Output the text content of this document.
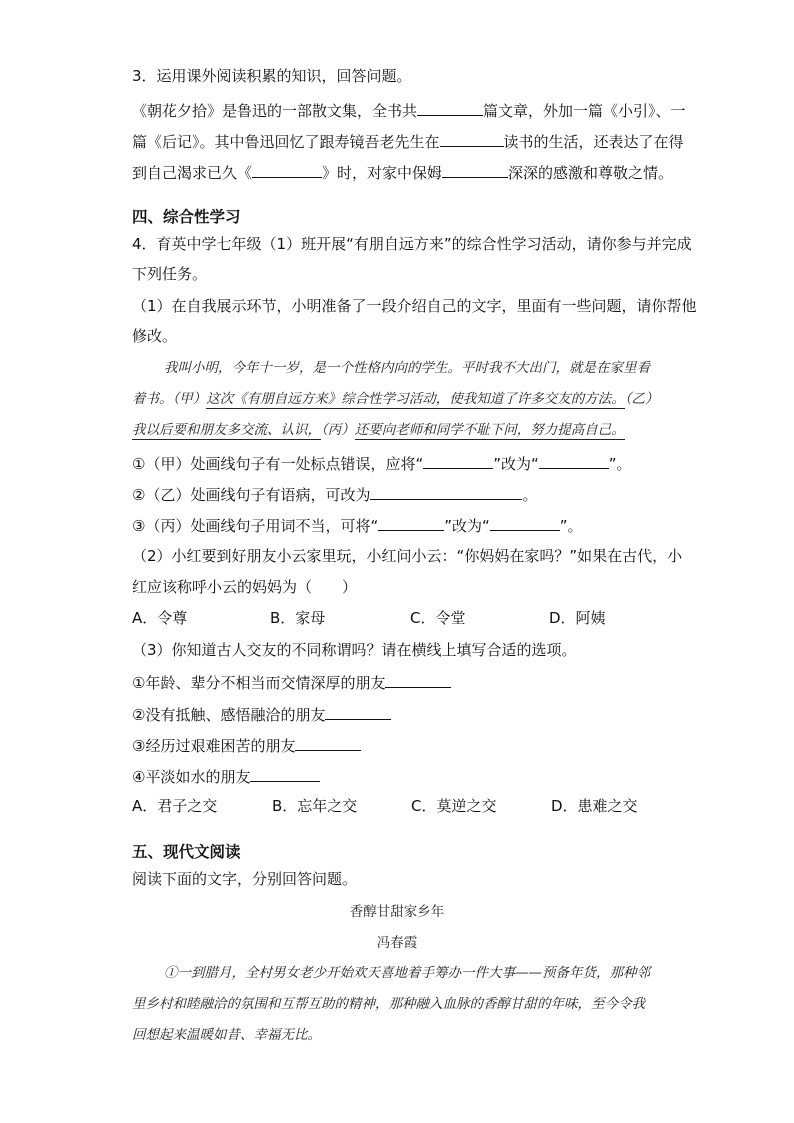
3．运用课外阅读积累的知识，回答问题。
《朝花夕拾》是鲁迅的一部散文集，全书共	篇文章，外加一篇《小引》、一
篇《后记》。其中鲁迅回忆了跟寿镜吾老先生在	读书的生活，还表达了在得
到自己渴求已久《	》时，对家中保姆	深深的感激和尊敬之情。
四、综合性学习
4．育英中学七年级（1）班开展“有朋自远方来”的综合性学习活动，请你参与并完成
下列任务。
（1）在自我展示环节，小明准备了一段介绍自己的文字，里面有一些问题，请你帮他
修改。
我叫小明，今年十一岁，是一个性格内向的学生。平时我不大出门，就是在家里看
着书。（甲）这次《有朋自远方来》综合性学习活动，使我知道了许多交友的方法。（乙）
我以后要和朋友多交流、认识，（丙）还要向老师和同学不耻下问，努力提高自己。
①（甲）处画线句子有一处标点错误，应将“	”改为“	”。
②（乙）处画线句子有语病，可改为	。
③（丙）处画线句子用词不当，可将“	”改为“	”。
（2）小红要到好朋友小云家里玩，小红问小云：“你妈妈在家吗？”如果在古代，小
红应该称呼小云的妈妈为（　　）
A．令尊	B．家母	C．令堂	D．阿姨
（3）你知道古人交友的不同称谓吗？请在横线上填写合适的选项。
①年龄、辈分不相当而交情深厚的朋友
②没有抵触、感悟融洽的朋友
③经历过艰难困苦的朋友
④平淡如水的朋友
A．君子之交	B．忘年之交	C．莫逆之交	D．患难之交
五、现代文阅读
阅读下面的文字，分别回答问题。
香醇甘甜家乡年
冯春霞
①一到腊月，全村男女老少开始欢天喜地着手筹办一件大事——预备年货，那种邻
里乡村和睦融洽的氛围和互帮互助的精神，那种融入血脉的香醇甘甜的年味，至今令我
回想起来温暖如昔、幸福无比。
